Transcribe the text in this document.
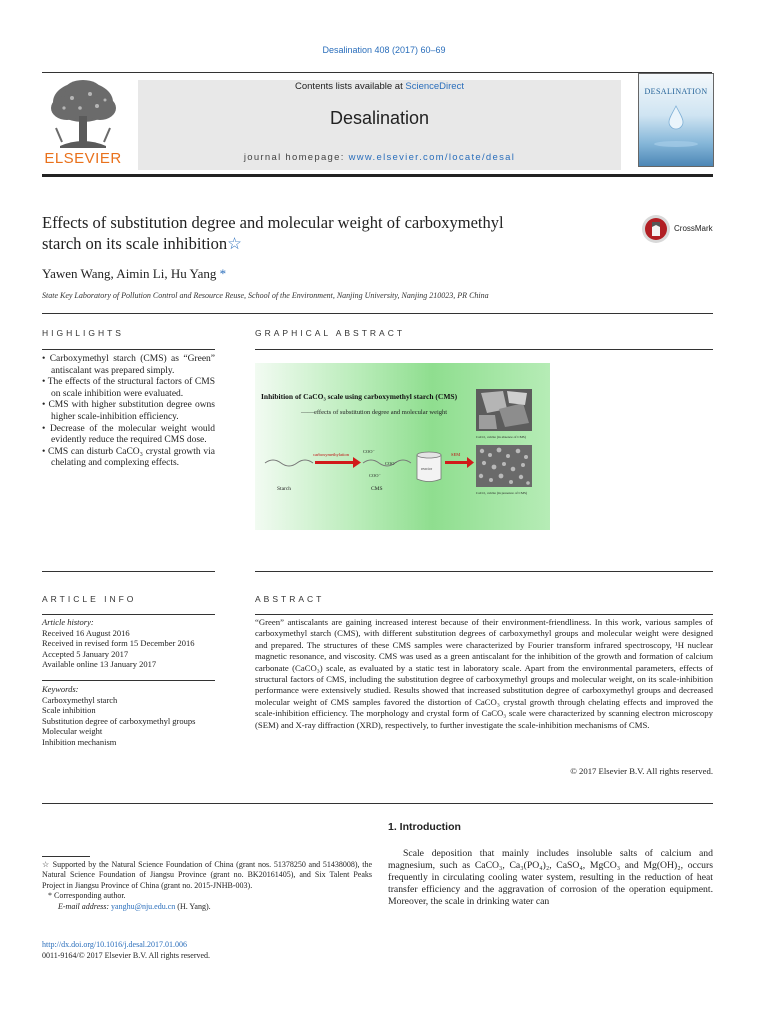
Desalination 408 (2017) 60–69
ELSEVIER
Contents lists available at ScienceDirect
Desalination
journal homepage: www.elsevier.com/locate/desal
DESALINATION
Effects of substitution degree and molecular weight of carboxymethyl
starch on its scale inhibition☆
CrossMark
Yawen Wang, Aimin Li, Hu Yang *
State Key Laboratory of Pollution Control and Resource Reuse, School of the Environment, Nanjing University, Nanjing 210023, PR China
HIGHLIGHTS	GRAPHICAL ABSTRACT
• Carboxymethyl starch (CMS) as “Green” antiscalant was prepared simply.
• The effects of the structural factors of CMS on scale inhibition were evaluated.
• CMS with higher substitution degree owns higher scale-inhibition efficiency.
• Decrease of the molecular weight would evidently reduce the required CMS dose.
• CMS can disturb CaCO₃ crystal growth via chelating and complexing effects.
Inhibition of CaCO₃ scale using carboxymethyl starch (CMS)
——effects of substitution degree and molecular weight
Starch
carboxymethylation
COO⁻
COO⁻
COO⁻
CMS
reactor
SEM
CaCO₃ calcite (in absence of CMS)
CaCO₃ calcite (in presence of CMS)
ARTICLE INFO	ABSTRACT
Article history:
Received 16 August 2016
Received in revised form 15 December 2016
Accepted 5 January 2017
Available online 13 January 2017
Keywords:
Carboxymethyl starch
Scale inhibition
Substitution degree of carboxymethyl groups
Molecular weight
Inhibition mechanism
“Green” antiscalants are gaining increased interest because of their environment-friendliness. In this work, various samples of carboxymethyl starch (CMS), with different substitution degrees of carboxymethyl groups and molecular weight were designed and prepared. The structures of these CMS samples were characterized by Fourier transform infrared spectroscopy, ¹H nuclear magnetic resonance, and viscosity. CMS was used as a green antiscalant for the inhibition of the growth and formation of calcium carbonate (CaCO₃) scale, as evaluated by a static test in laboratory scale. Apart from the environmental parameters, effects of structural factors of CMS, including the substitution degree of carboxymethyl groups and molecular weight, on its scale-inhibition performance were extensively studied. Results showed that increased substitution degree of carboxymethyl groups and decreased molecular weight of CMS samples favored the distortion of CaCO₃ crystal growth through chelating effects and improved the scale-inhibition efficiency. The morphology and crystal form of CaCO₃ scale were characterized by scanning electron microscopy (SEM) and X-ray diffraction (XRD), respectively, to further investigate the scale-inhibition mechanisms of CMS.
© 2017 Elsevier B.V. All rights reserved.
1. Introduction
Scale deposition that mainly includes insoluble salts of calcium and magnesium, such as CaCO₃, Ca₃(PO₄)₂, CaSO₄, MgCO₃ and Mg(OH)₂, occurs frequently in circulating cooling water system, resulting in the reduction of heat transfer efficiency and the aggravation of corrosion of the operation equipment. Moreover, the scale in drinking water can
☆ Supported by the Natural Science Foundation of China (grant nos. 51378250 and 51438008), the Natural Science Foundation of Jiangsu Province (grant no. BK20161405), and Six Talent Peaks Project in Jiangsu Province of China (grant no. 2015-JNHB-003).
* Corresponding author.
E-mail address: yanghu@nju.edu.cn (H. Yang).
http://dx.doi.org/10.1016/j.desal.2017.01.006
0011-9164/© 2017 Elsevier B.V. All rights reserved.
